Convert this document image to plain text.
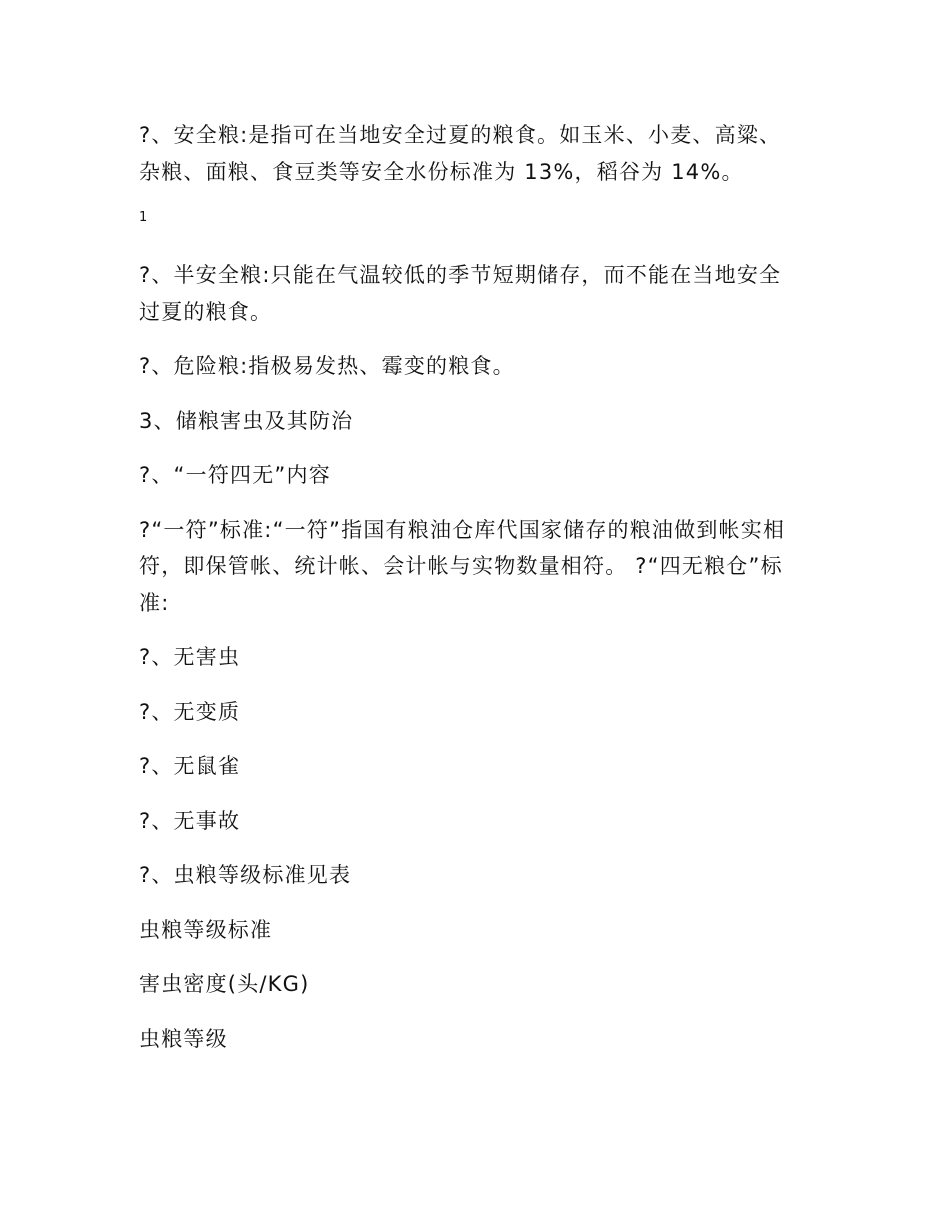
?、安全粮:是指可在当地安全过夏的粮食。如玉米、小麦、高粱、杂粮、面粮、食豆类等安全水份标准为 13%，稻谷为 14%。

1

?、半安全粮:只能在气温较低的季节短期储存，而不能在当地安全过夏的粮食。

?、危险粮:指极易发热、霉变的粮食。

3、储粮害虫及其防治

?、“一符四无”内容

?“一符”标准:“一符”指国有粮油仓库代国家储存的粮油做到帐实相符，即保管帐、统计帐、会计帐与实物数量相符。 ?“四无粮仓”标准:

?、无害虫

?、无变质

?、无鼠雀

?、无事故

?、虫粮等级标准见表

虫粮等级标准

害虫密度(头/KG)

虫粮等级
